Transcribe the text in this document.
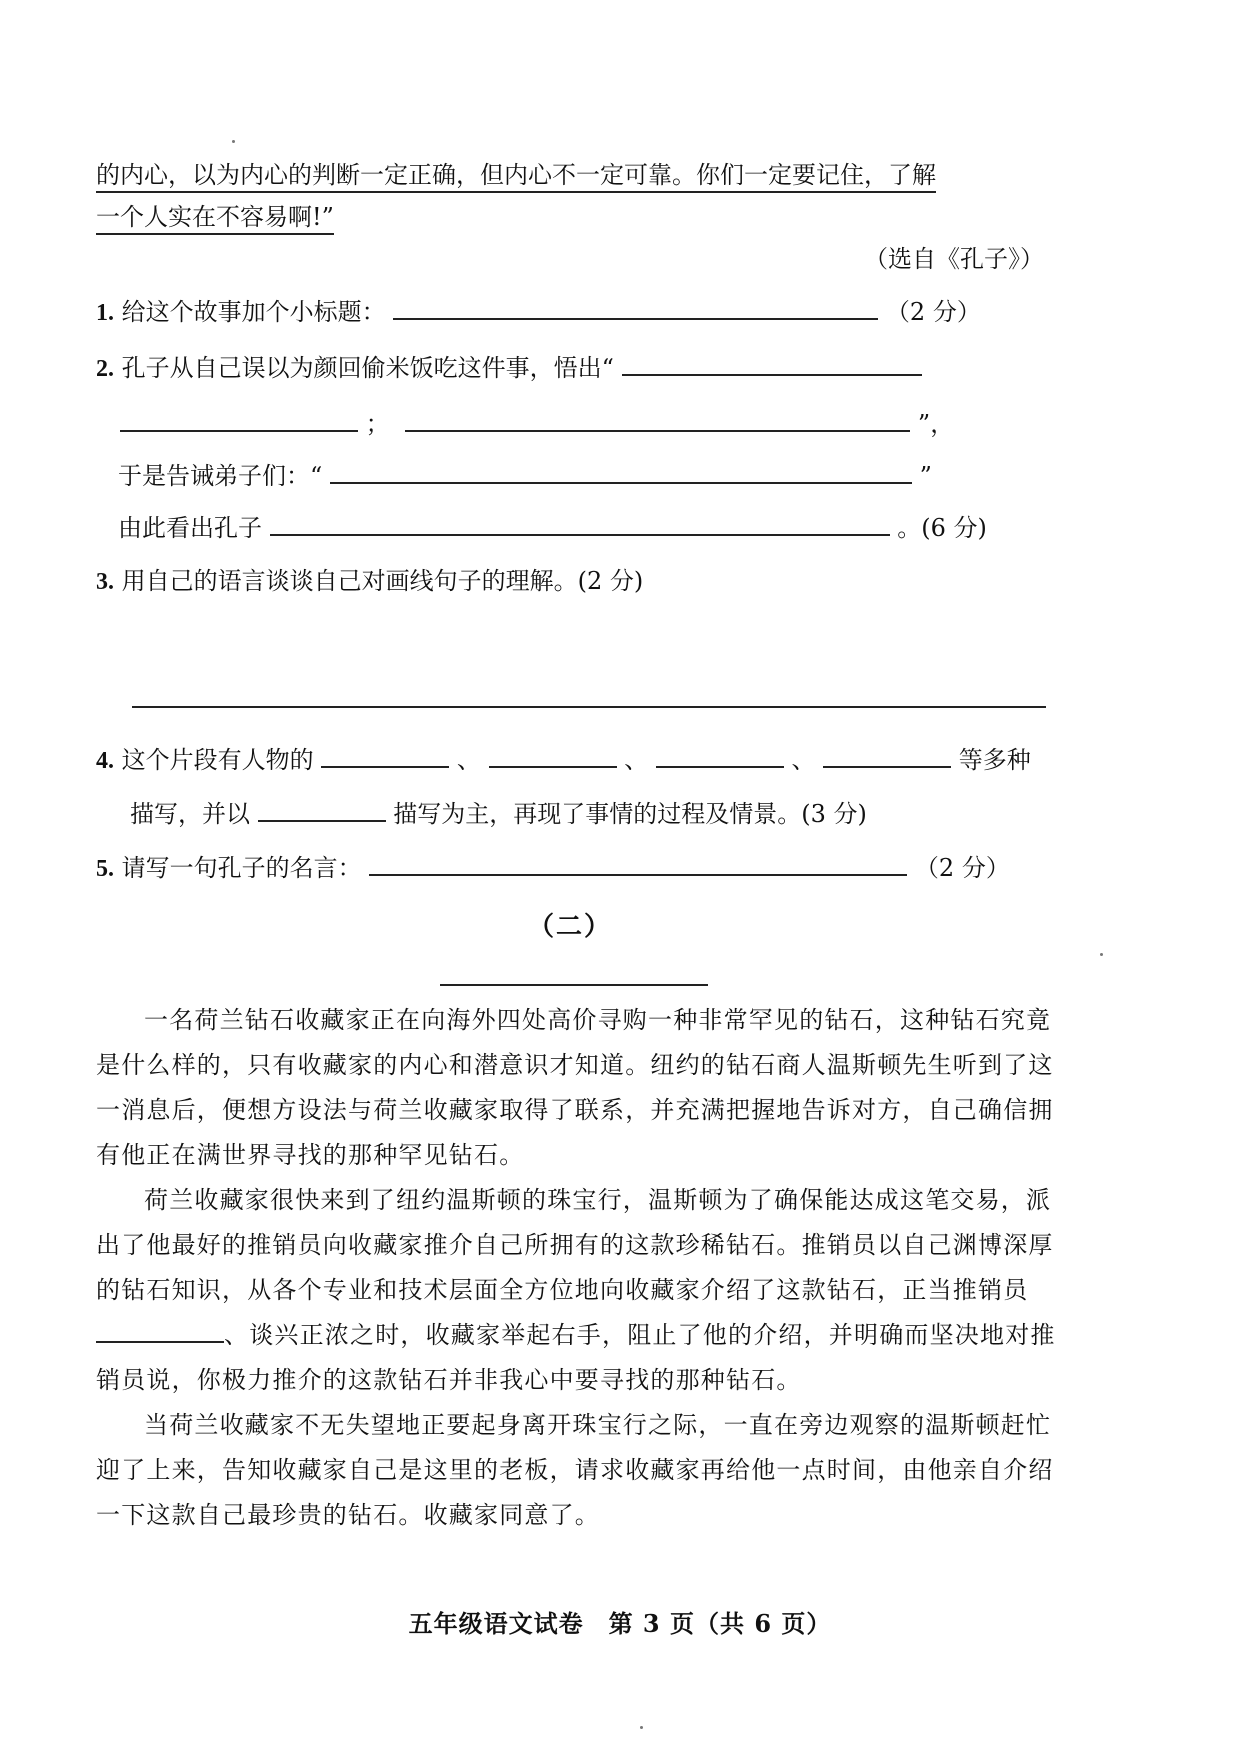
的内心，以为内心的判断一定正确，但内心不一定可靠。你们一定要记住，了解
一个人实在不容易啊!”
（选自《孔子》）
1. 给这个故事加个小标题：	（2 分）
2. 孔子从自己误以为颜回偷米饭吃这件事，悟出“
；	”，
于是告诫弟子们：“	”
由此看出孔子	。(6 分)
3. 用自己的语言谈谈自己对画线句子的理解。(2 分)
4. 这个片段有人物的	、	、	、	等多种
描写，并以	描写为主，再现了事情的过程及情景。(3 分)
5. 请写一句孔子的名言：	（2 分）
（二）

一名荷兰钻石收藏家正在向海外四处高价寻购一种非常罕见的钻石，这种钻石究竟是什么样的，只有收藏家的内心和潜意识才知道。纽约的钻石商人温斯顿先生听到了这一消息后，便想方设法与荷兰收藏家取得了联系，并充满把握地告诉对方，自己确信拥有他正在满世界寻找的那种罕见钻石。

荷兰收藏家很快来到了纽约温斯顿的珠宝行，温斯顿为了确保能达成这笔交易，派出了他最好的推销员向收藏家推介自己所拥有的这款珍稀钻石。推销员以自己渊博深厚的钻石知识，从各个专业和技术层面全方位地向收藏家介绍了这款钻石，正当推销员、谈兴正浓之时，收藏家举起右手，阻止了他的介绍，并明确而坚决地对推销员说，你极力推介的这款钻石并非我心中要寻找的那种钻石。

当荷兰收藏家不无失望地正要起身离开珠宝行之际，一直在旁边观察的温斯顿赶忙迎了上来，告知收藏家自己是这里的老板，请求收藏家再给他一点时间，由他亲自介绍一下这款自己最珍贵的钻石。收藏家同意了。

五年级语文试卷　第 3 页（共 6 页）
